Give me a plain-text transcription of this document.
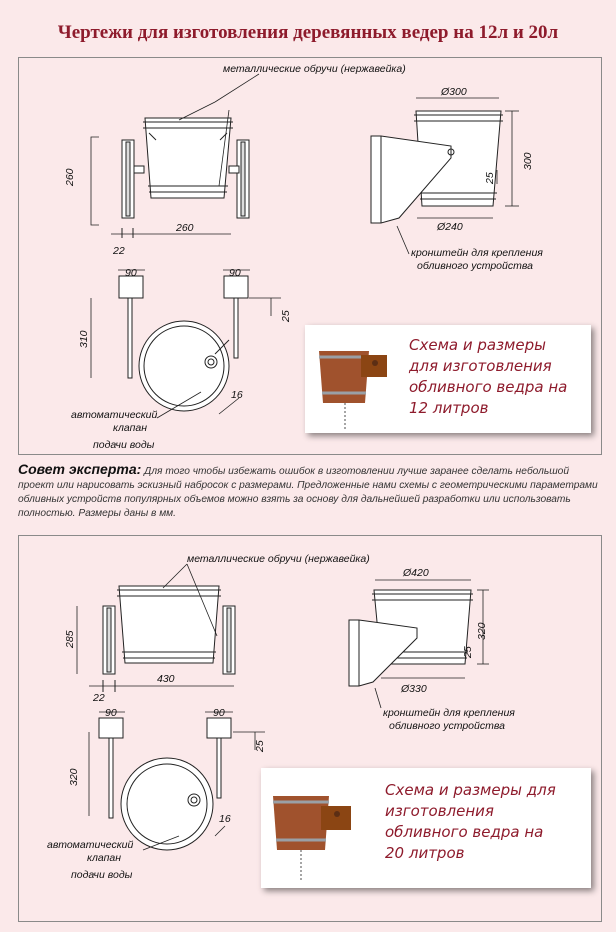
Чертежи для изготовления деревянных ведер на 12л и 20л
металлические обручи (нержавейка)
кронштейн для крепления
обливного устройства
автоматический
клапан
подачи воды
260
260
22
Ø300
Ø240
300
25
90	90
310
25
16
Схема и размеры
для изготовления
обливного ведра на
12 литров
Совет эксперта: Для того чтобы избежать ошибок в изготовлении лучше заранее сделать небольшой проект или нарисовать эскизный набросок с размерами. Предложенные нами схемы с геометрическими параметрами обливных устройств популярных объемов можно взять за основу для дальнейшей разработки или использовать полностью. Размеры даны в мм.
металлические обручи (нержавейка)
кронштейн для крепления
обливного устройства
автоматический
клапан
подачи воды
285
430
22
Ø420
Ø330
320
25
90	90
320
25
16
Схема и размеры для
изготовления
обливного ведра на
20 литров
